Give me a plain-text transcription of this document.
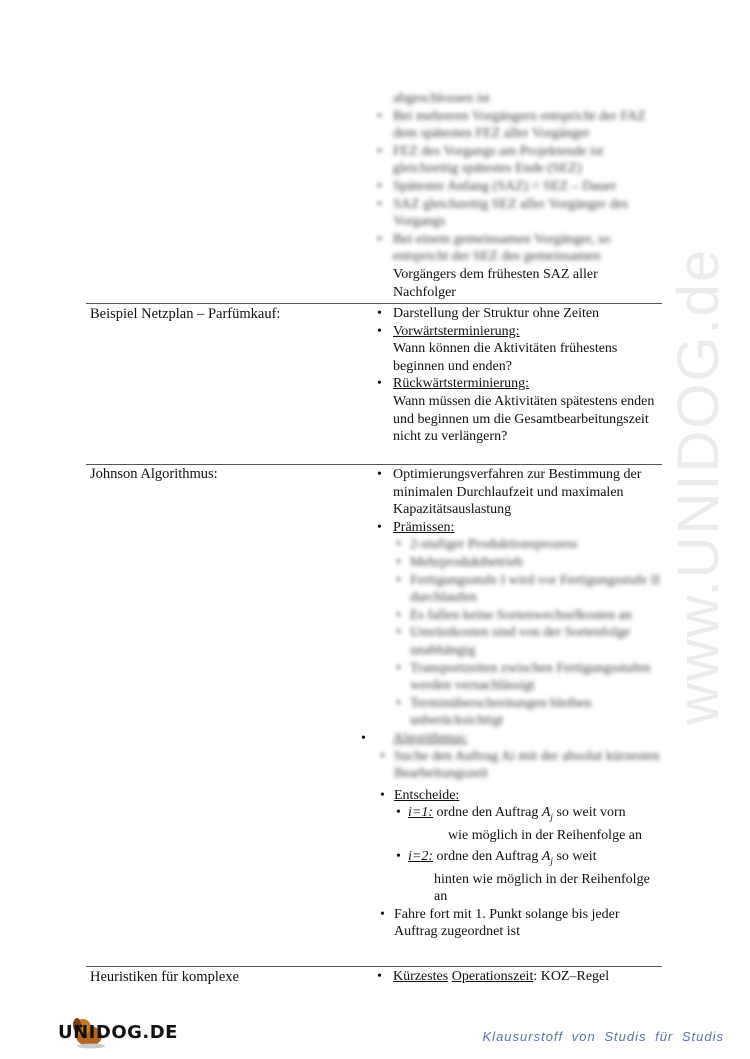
www.UNIDOG.de
abgeschlossen ist
• Bei mehreren Vorgängern entspricht der FAZ dem spätesten FEZ aller Vorgänger
• FEZ des Vorgangs am Projektende ist gleichzeitig spätestes Ende (SEZ)
• Spätester Anfang (SAZ) = SEZ – Dauer
• SAZ gleichzeitig SEZ aller Vorgänger des Vorgangs
• Bei einem gemeinsamen Vorgänger, so entspricht der SEZ des gemeinsamen
Vorgängers dem frühesten SAZ aller
Nachfolger
Beispiel Netzplan – Parfümkauf:	• Darstellung der Struktur ohne Zeiten
• Vorwärtsterminierung:
Wann können die Aktivitäten frühestens beginnen und enden?
• Rückwärtsterminierung:
Wann müssen die Aktivitäten spätestens enden und beginnen um die Gesamtbearbeitungszeit nicht zu verlängern?
Johnson Algorithmus:	• Optimierungsverfahren zur Bestimmung der minimalen Durchlaufzeit und maximalen Kapazitätsauslastung
• Prämissen:
• 2-stufiger Produktionsprozess
• Mehrproduktbetrieb
• Fertigungsstufe I wird vor Fertigungsstufe II durchlaufen
• Es fallen keine Sortenwechselkosten an
• Umrüstkosten sind von der Sortenfolge unabhängig
• Transportzeiten zwischen Fertigungsstufen werden vernachlässigt
• Terminüberschreitungen bleiben unberücksichtigt
• Algorithmus:
• Suche den Auftrag Ai mit der absolut kürzesten Bearbeitungszeit
• Entscheide:
• i=1: ordne den Auftrag $A_j$ so weit vorn
wie möglich in der Reihenfolge an
• i=2: ordne den Auftrag $A_j$ so weit
hinten wie möglich in der Reihenfolge an
• Fahre fort mit 1. Punkt solange bis jeder Auftrag zugeordnet ist
Heuristiken für komplexe	• Kürzestes Operationszeit: KOZ–Regel
UNIDOG.DE	Klausurstoff von Studis für Studis
